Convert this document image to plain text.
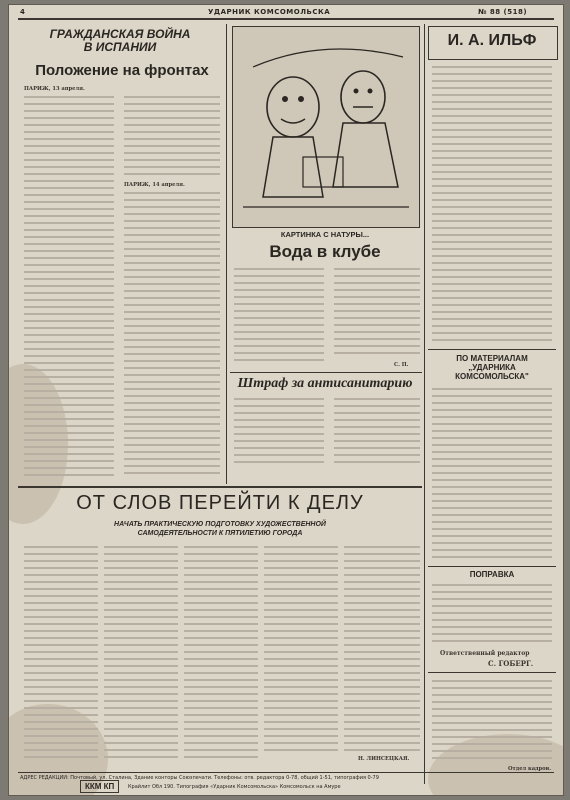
4	УДАРНИК КОМСОМОЛЬСКА	№ 88 (518)
ГРАЖДАНСКАЯ ВОЙНА
В ИСПАНИИ
Положение на фронтах
ПАРИЖ, 13 апреля.
ПАРИЖ, 14 апреля.
КАРТИНКА С НАТУРЫ...
Вода в клубе
С. П.
Штраф за антисанитарию
И. А. ИЛЬФ
ПО МАТЕРИАЛАМ
„УДАРНИКА
КОМСОМОЛЬСКА"
ПОПРАВКА
Ответственный редактор
С. ГОБЕРГ.
Отдел кадров.
ОТ СЛОВ ПЕРЕЙТИ К ДЕЛУ
НАЧАТЬ ПРАКТИЧЕСКУЮ ПОДГОТОВКУ ХУДОЖЕСТВЕННОЙ
САМОДЕЯТЕЛЬНОСТИ К ПЯТИЛЕТИЮ ГОРОДА
Н. ЛИНСЕЦКАЯ.
АДРЕС РЕДАКЦИИ: Почтовый, ул. Сталина, Здание конторы Союзпечати. Телефоны: отв. редактора 0-78, общий 1-51, типография 0-79
Крайлит Обл 190. Типография «Ударник Комсомольска» Комсомольск на Амуре
ККМ КП
